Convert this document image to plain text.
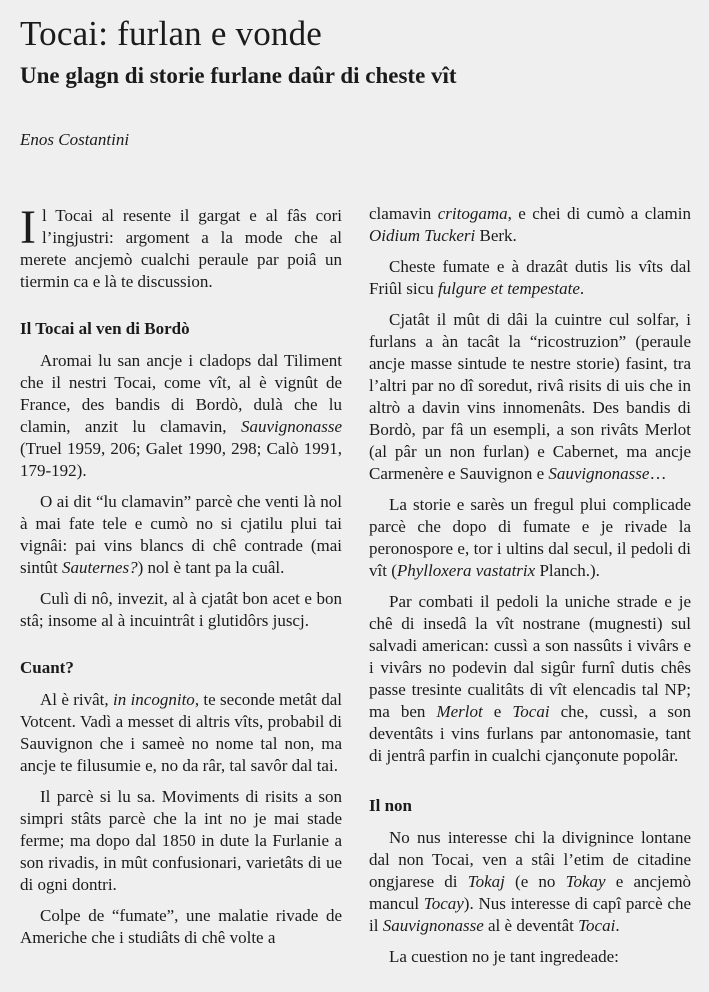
Tocai: furlan e vonde
Une glagn di storie furlane daûr di cheste vît

Enos Costantini

Il Tocai al resente il gargat e al fâs cori l’ingjustri: argoment a la mode che al merete ancjemò cualchi peraule par poiâ un tiermin ca e là te discussion.

Il Tocai al ven di Bordò

Aromai lu san ancje i cladops dal Tiliment che il nestri Tocai, come vît, al è vignût de France, des bandis di Bordò, dulà che lu clamin, anzit lu clamavin, Sauvignonasse (Truel 1959, 206; Galet 1990, 298; Calò 1991, 179-192).

O ai dit “lu clamavin” parcè che venti là nol à mai fate tele e cumò no si cjatilu plui tai vignâi: pai vins blancs di chê contrade (mai sintût Sauternes?) nol è tant pa la cuâl.

Culì di nô, invezit, al à cjatât bon acet e bon stâ; insome al à incuintrât i glutidôrs juscj.

Cuant?

Al è rivât, in incognito, te seconde metât dal Votcent. Vadì a messet di altris vîts, probabil di Sauvignon che i sameè no nome tal non, ma ancje te filusumie e, no da râr, tal savôr dal tai.

Il parcè si lu sa. Moviments di risits a son simpri stâts parcè che la int no je mai stade ferme; ma dopo dal 1850 in dute la Furlanie a son rivadis, in mût confusionari, varietâts di ue di ogni dontri.

Colpe de “fumate”, une malatie rivade de Americhe che i studiâts di chê volte a

clamavin critogama, e chei di cumò a clamin Oidium Tuckeri Berk.

Cheste fumate e à drazât dutis lis vîts dal Friûl sicu fulgure et tempestate.

Cjatât il mût di dâi la cuintre cul solfar, i furlans a àn tacât la “ricostruzion” (peraule ancje masse sintude te nestre storie) fasint, tra l’altri par no dî soredut, rivâ risits di uis che in altrò a davin vins innomenâts. Des bandis di Bordò, par fâ un esempli, a son rivâts Merlot (al pâr un non furlan) e Cabernet, ma ancje Carmenère e Sauvignon e Sauvignonasse…

La storie e sarès un fregul plui complicade parcè che dopo di fumate e je rivade la peronospore e, tor i ultins dal secul, il pedoli di vît (Phylloxera vastatrix Planch.).

Par combati il pedoli la uniche strade e je chê di insedâ la vît nostrane (mugnesti) sul salvadi american: cussì a son nassûts i vivârs e i vivârs no podevin dal sigûr furnî dutis chês passe tresinte cualitâts di vît elencadis tal NP; ma ben Merlot e Tocai che, cussì, a son deventâts i vins furlans par antonomasie, tant di jentrâ parfin in cualchi cjançonute popolâr.

Il non

No nus interesse chi la divignince lontane dal non Tocai, ven a stâi l’etim de citadine ongjarese di Tokaj (e no Tokay e ancjemò mancul Tocay). Nus interesse di capî parcè che il Sauvignonasse al è deventât Tocai.

La cuestion no je tant ingredeade:
